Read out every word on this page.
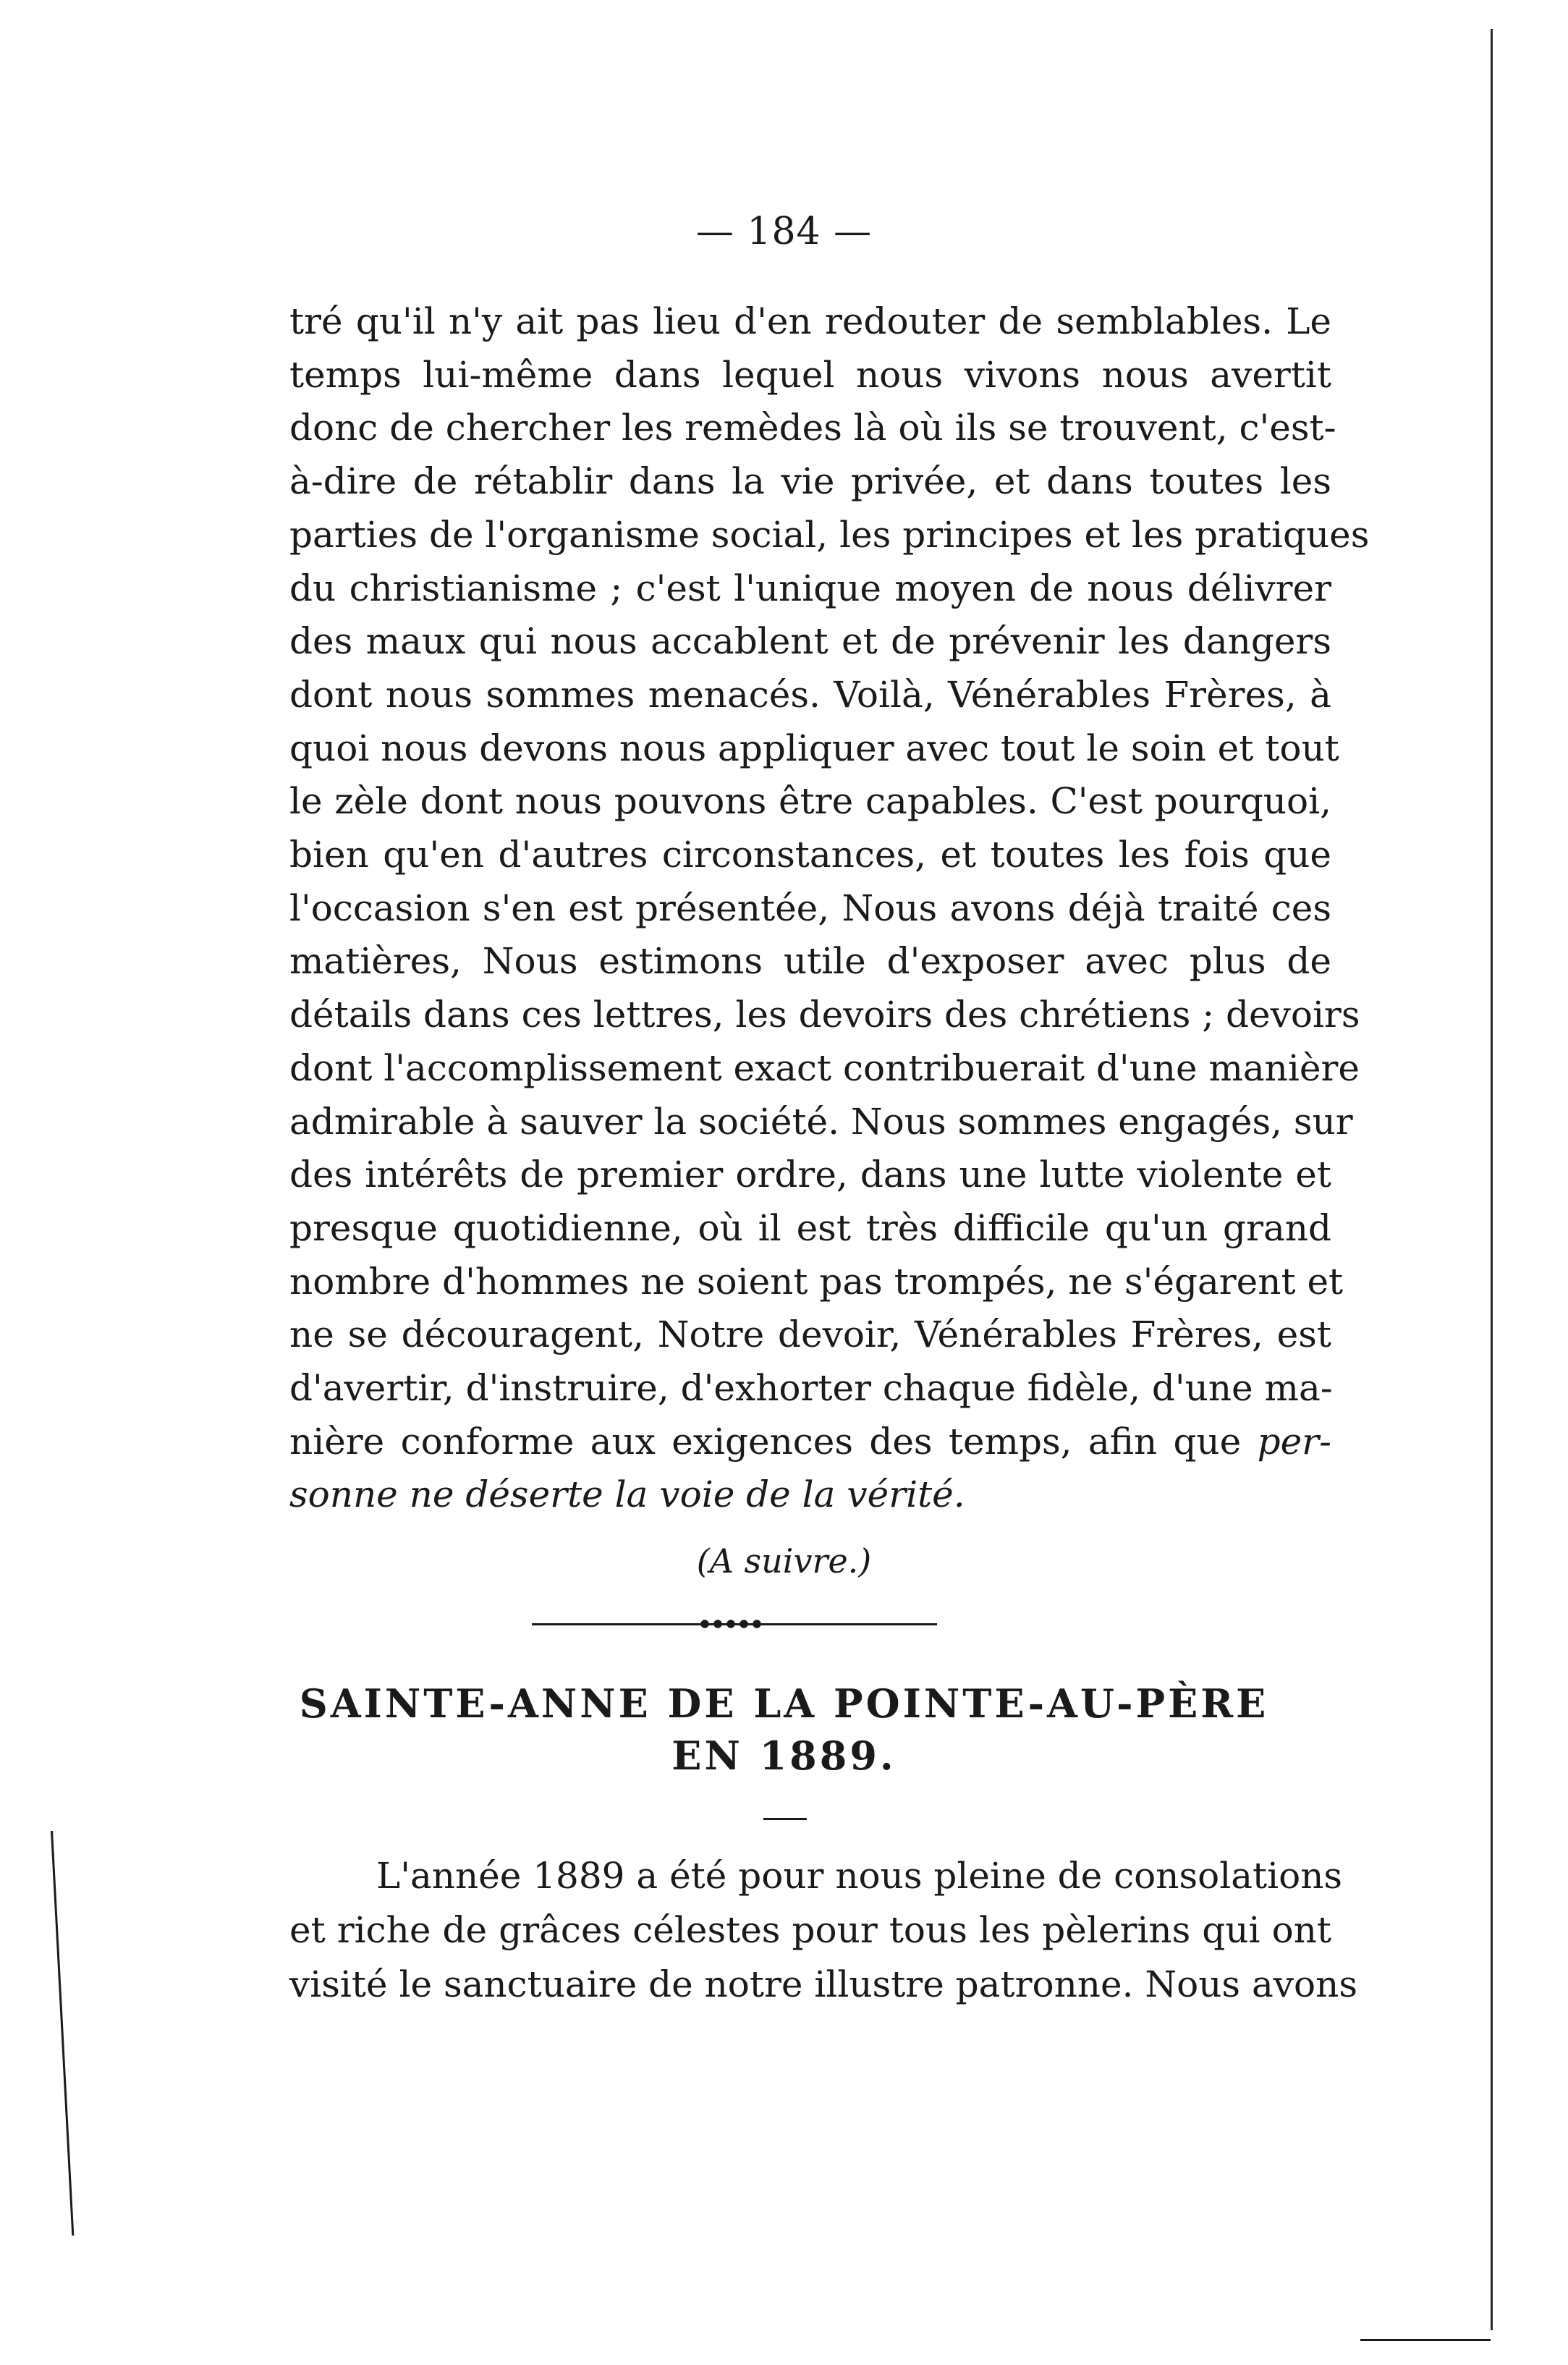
— 184 —
tré qu'il n'y ait pas lieu d'en redouter de semblables. Le
temps lui-même dans lequel nous vivons nous avertit
donc de chercher les remèdes là où ils se trouvent, c'est-
à-dire de rétablir dans la vie privée, et dans toutes les
parties de l'organisme social, les principes et les pratiques
du christianisme ; c'est l'unique moyen de nous délivrer
des maux qui nous accablent et de prévenir les dangers
dont nous sommes menacés. Voilà, Vénérables Frères, à
quoi nous devons nous appliquer avec tout le soin et tout
le zèle dont nous pouvons être capables. C'est pourquoi,
bien qu'en d'autres circonstances, et toutes les fois que
l'occasion s'en est présentée, Nous avons déjà traité ces
matières, Nous estimons utile d'exposer avec plus de
détails dans ces lettres, les devoirs des chrétiens ; devoirs
dont l'accomplissement exact contribuerait d'une manière
admirable à sauver la société. Nous sommes engagés, sur
des intérêts de premier ordre, dans une lutte violente et
presque quotidienne, où il est très difficile qu'un grand
nombre d'hommes ne soient pas trompés, ne s'égarent et
ne se découragent, Notre devoir, Vénérables Frères, est
d'avertir, d'instruire, d'exhorter chaque fidèle, d'une ma-
nière conforme aux exigences des temps, afin que per-
sonne ne déserte la voie de la vérité.
(A suivre.)
SAINTE-ANNE DE LA POINTE-AU-PÈRE
EN 1889.
L'année 1889 a été pour nous pleine de consolations
et riche de grâces célestes pour tous les pèlerins qui ont
visité le sanctuaire de notre illustre patronne. Nous avons
